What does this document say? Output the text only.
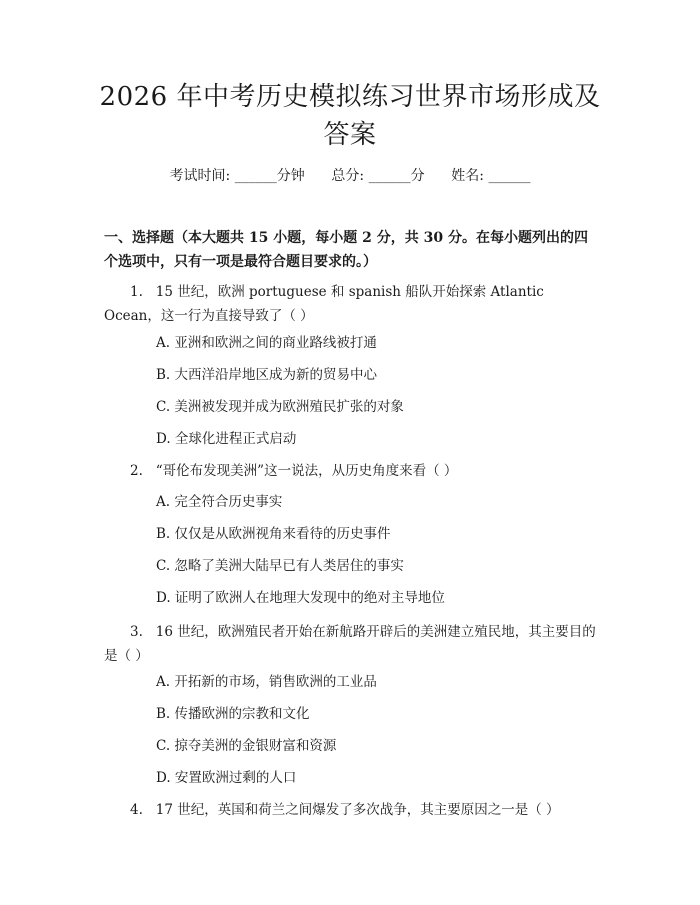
2026 年中考历史模拟练习世界市场形成及答案
考试时间: ______分钟 总分: ______分 姓名: ______
一、选择题（本大题共 15 小题，每小题 2 分，共 30 分。在每小题列出的四个选项中，只有一项是最符合题目要求的。）
1. 15 世纪，欧洲 portuguese 和 spanish 船队开始探索 Atlantic Ocean，这一行为直接导致了（ ）
A. 亚洲和欧洲之间的商业路线被打通
B. 大西洋沿岸地区成为新的贸易中心
C. 美洲被发现并成为欧洲殖民扩张的对象
D. 全球化进程正式启动
2. “哥伦布发现美洲”这一说法，从历史角度来看（ ）
A. 完全符合历史事实
B. 仅仅是从欧洲视角来看待的历史事件
C. 忽略了美洲大陆早已有人类居住的事实
D. 证明了欧洲人在地理大发现中的绝对主导地位
3. 16 世纪，欧洲殖民者开始在新航路开辟后的美洲建立殖民地，其主要目的是（ ）
A. 开拓新的市场，销售欧洲的工业品
B. 传播欧洲的宗教和文化
C. 掠夺美洲的金银财富和资源
D. 安置欧洲过剩的人口
4. 17 世纪，英国和荷兰之间爆发了多次战争，其主要原因之一是（ ）
